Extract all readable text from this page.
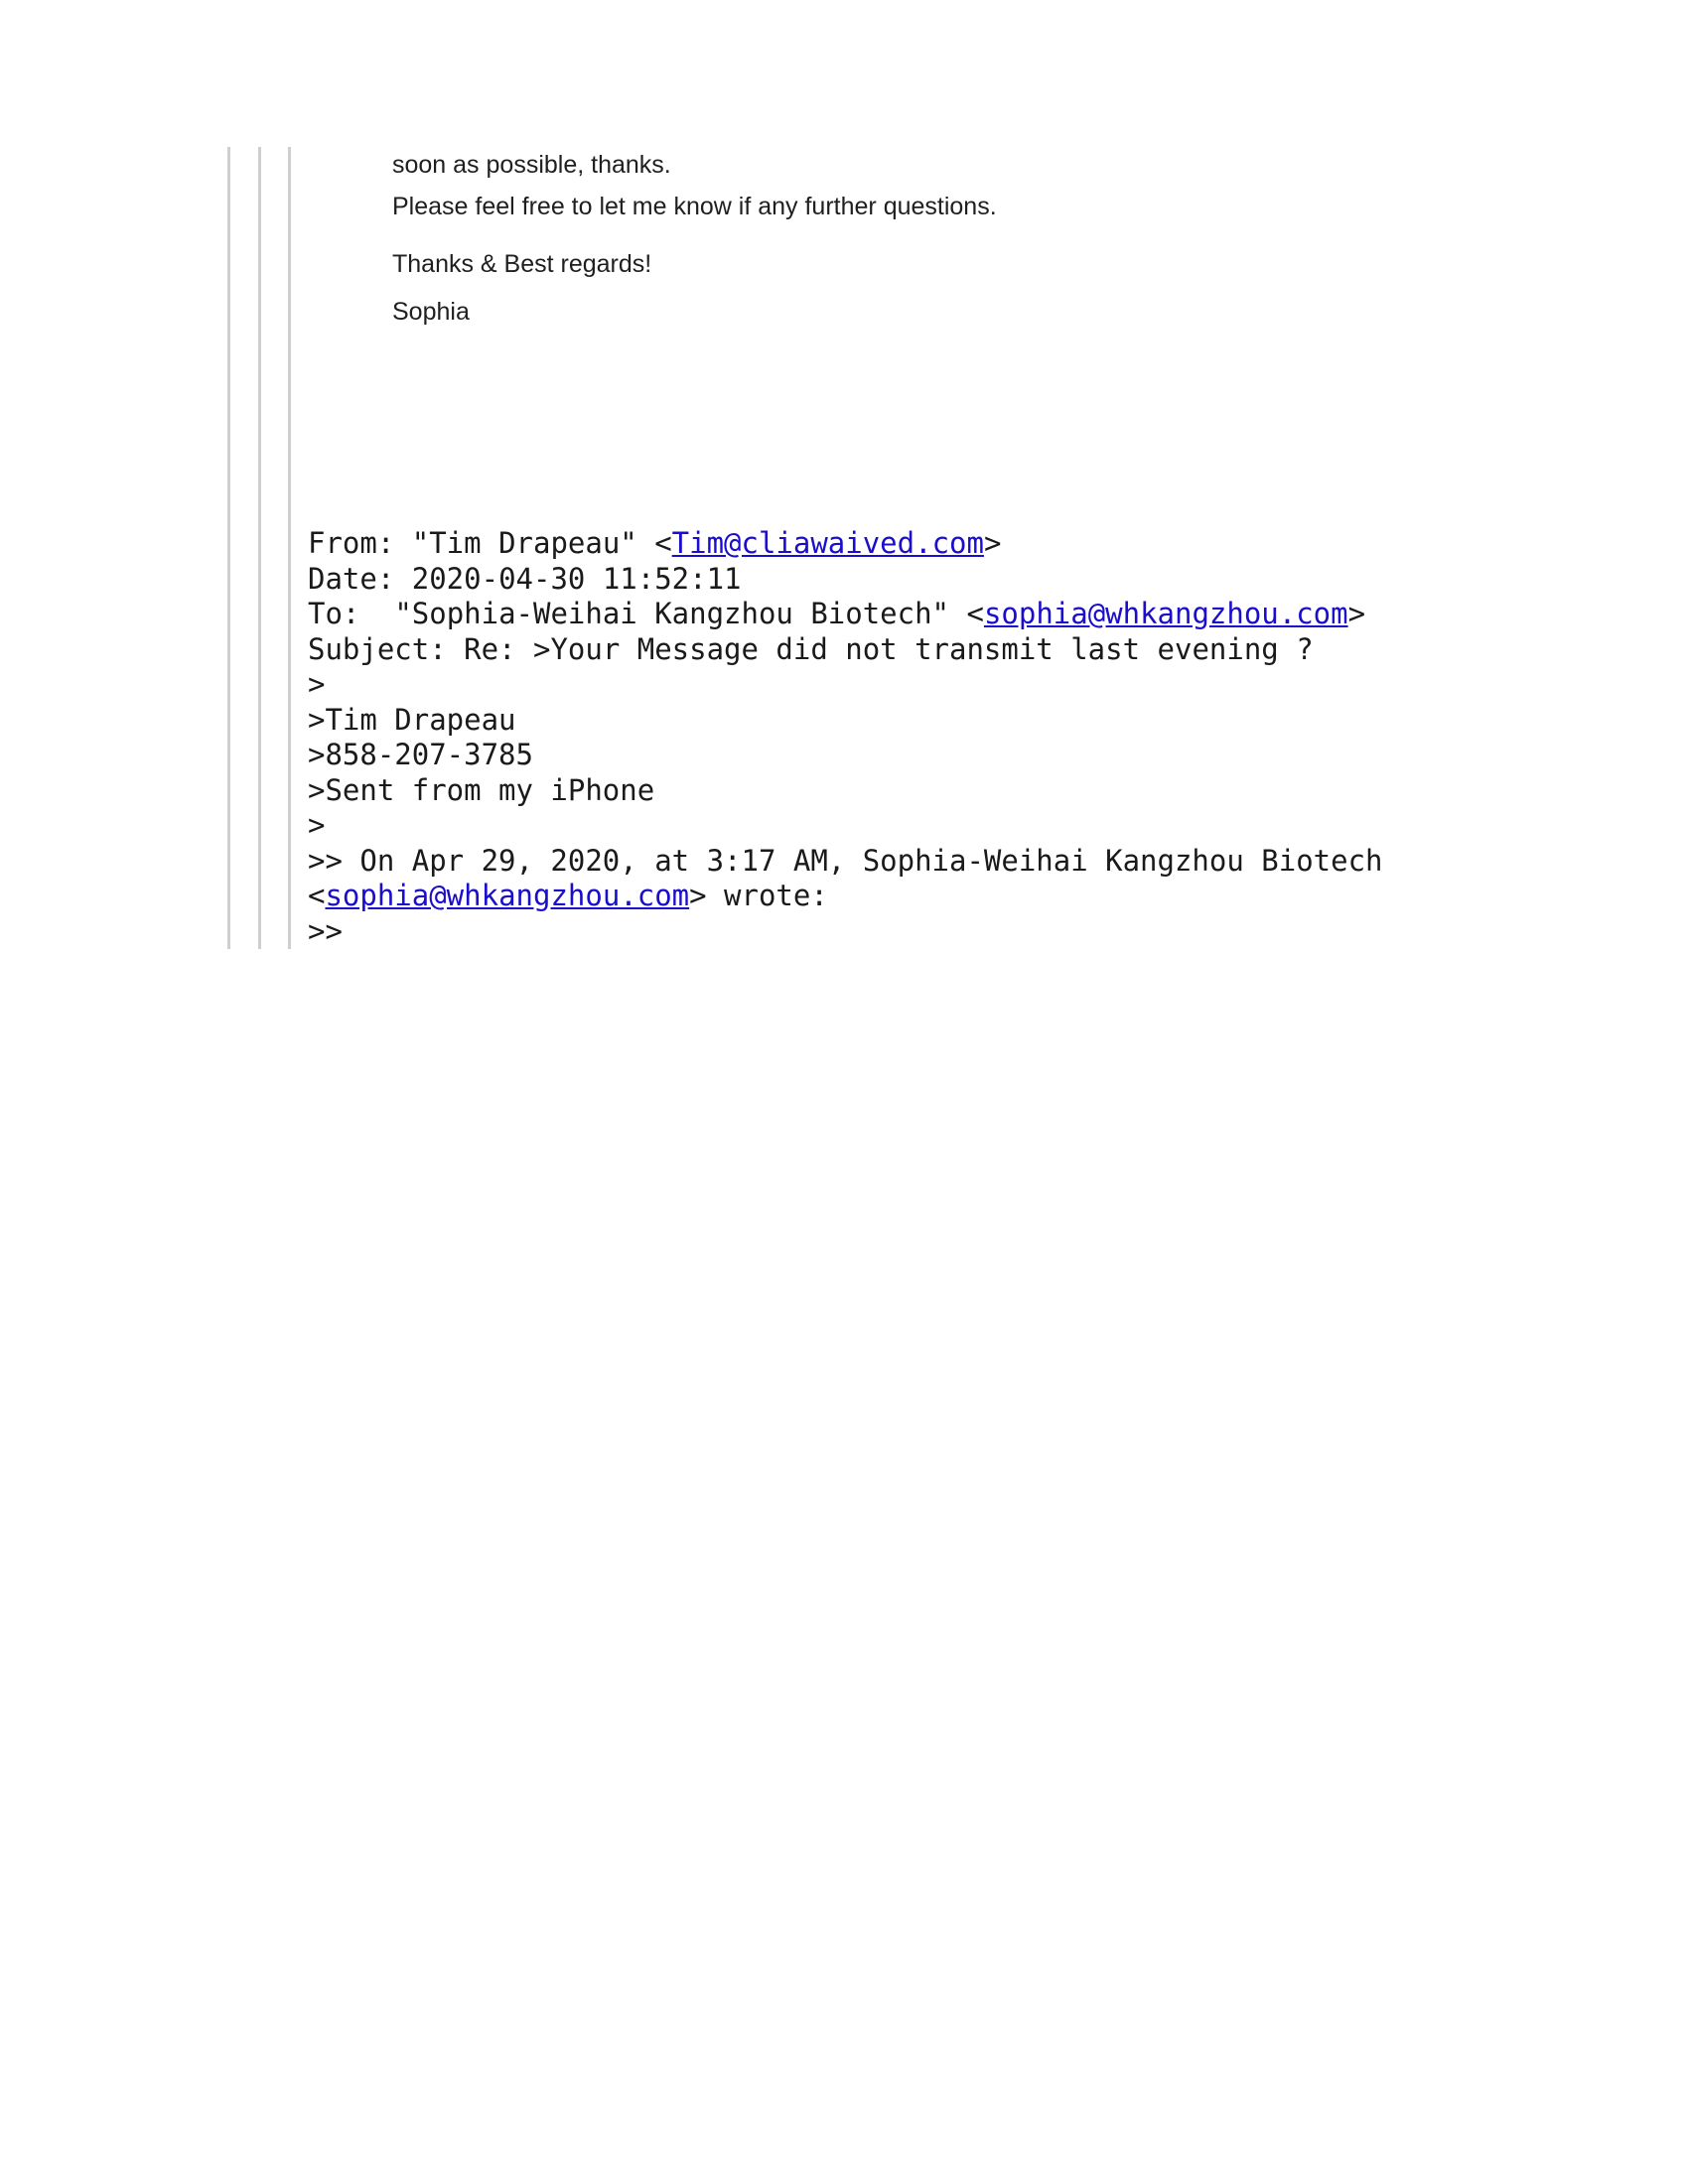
soon as possible, thanks.
Please feel free to let me know if any further questions.
Thanks & Best regards!
Sophia
From: "Tim Drapeau" <Tim@cliawaived.com>
Date: 2020-04-30 11:52:11
To:  "Sophia-Weihai Kangzhou Biotech" <sophia@whkangzhou.com>
Subject: Re: >Your Message did not transmit last evening ?
>
>Tim Drapeau
>858-207-3785
>Sent from my iPhone
>
>> On Apr 29, 2020, at 3:17 AM, Sophia-Weihai Kangzhou Biotech
<sophia@whkangzhou.com> wrote:
>>
